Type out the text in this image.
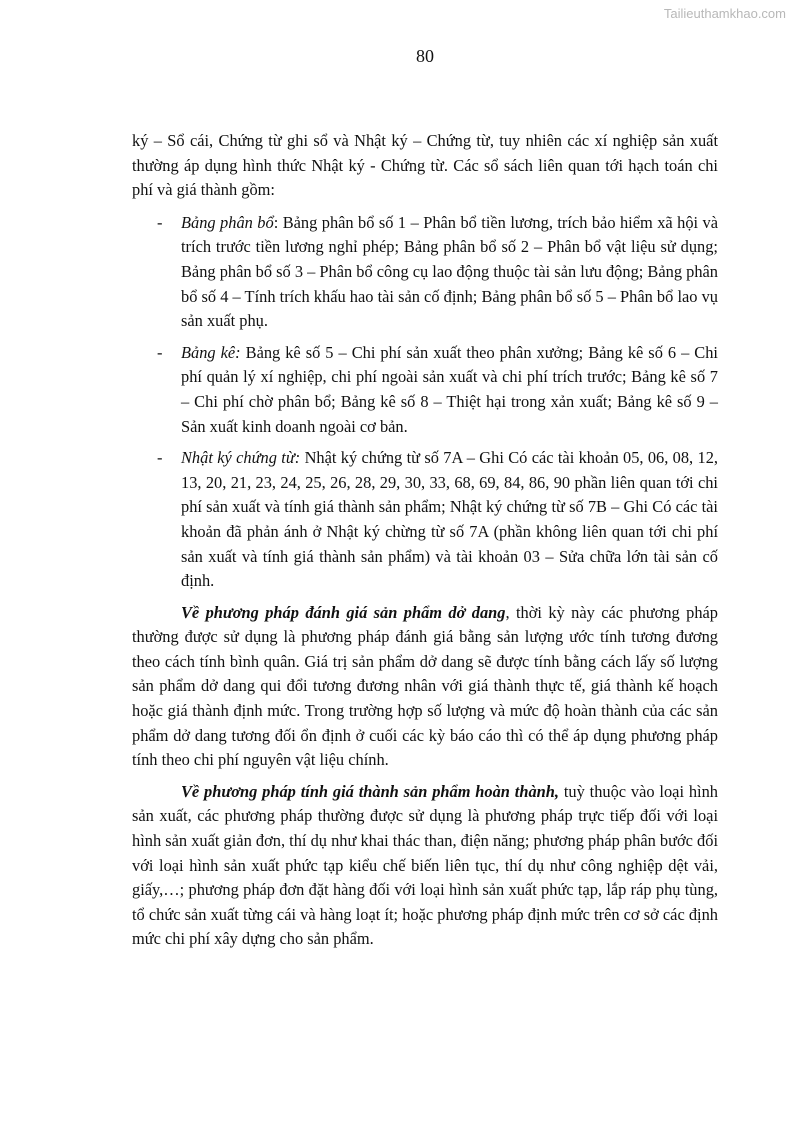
Tailieuthamkhao.com
80

ký – Sổ cái, Chứng từ ghi sổ và Nhật ký – Chứng từ, tuy nhiên các xí nghiệp sản xuất thường áp dụng hình thức Nhật ký - Chứng từ. Các sổ sách liên quan tới hạch toán chi phí và giá thành gồm:

- Bảng phân bổ: Bảng phân bổ số 1 – Phân bổ tiền lương, trích bảo hiểm xã hội và trích trước tiền lương nghỉ phép; Bảng phân bổ số 2 – Phân bổ vật liệu sử dụng; Bảng phân bổ số 3 – Phân bổ công cụ lao động thuộc tài sản lưu động; Bảng phân bổ số 4 – Tính trích khấu hao tài sản cố định; Bảng phân bổ số 5 – Phân bổ lao vụ sản xuất phụ.
- Bảng kê: Bảng kê số 5 – Chi phí sản xuất theo phân xưởng; Bảng kê số 6 – Chi phí quản lý xí nghiệp, chi phí ngoài sản xuất và chi phí trích trước; Bảng kê số 7 – Chi phí chờ phân bổ; Bảng kê số 8 – Thiệt hại trong xản xuất; Bảng kê số 9 – Sản xuất kinh doanh ngoài cơ bản.
- Nhật ký chứng từ: Nhật ký chứng từ số 7A – Ghi Có các tài khoản 05, 06, 08, 12, 13, 20, 21, 23, 24, 25, 26, 28, 29, 30, 33, 68, 69, 84, 86, 90 phần liên quan tới chi phí sản xuất và tính giá thành sản phẩm; Nhật ký chứng từ số 7B – Ghi Có các tài khoản đã phản ánh ở Nhật ký chừng từ số 7A (phần không liên quan tới chi phí sản xuất và tính giá thành sản phẩm) và tài khoản 03 – Sửa chữa lớn tài sản cố định.

Về phương pháp đánh giá sản phẩm dở dang, thời kỳ này các phương pháp thường được sử dụng là phương pháp đánh giá bằng sản lượng ước tính tương đương theo cách tính bình quân. Giá trị sản phẩm dở dang sẽ được tính bằng cách lấy số lượng sản phẩm dở dang qui đổi tương đương nhân với giá thành thực tế, giá thành kế hoạch hoặc giá thành định mức. Trong trường hợp số lượng và mức độ hoàn thành của các sản phẩm dở dang tương đối ổn định ở cuối các kỳ báo cáo thì có thể áp dụng phương pháp tính theo chi phí nguyên vật liệu chính.

Về phương pháp tính giá thành sản phẩm hoàn thành, tuỳ thuộc vào loại hình sản xuất, các phương pháp thường được sử dụng là phương pháp trực tiếp đối với loại hình sản xuất giản đơn, thí dụ như khai thác than, điện năng; phương pháp phân bước đối với loại hình sản xuất phức tạp kiểu chế biến liên tục, thí dụ như công nghiệp dệt vải, giấy,…; phương pháp đơn đặt hàng đối với loại hình sản xuất phức tạp, lắp ráp phụ tùng, tổ chức sản xuất từng cái và hàng loạt ít; hoặc phương pháp định mức trên cơ sở các định mức chi phí xây dựng cho sản phẩm.
